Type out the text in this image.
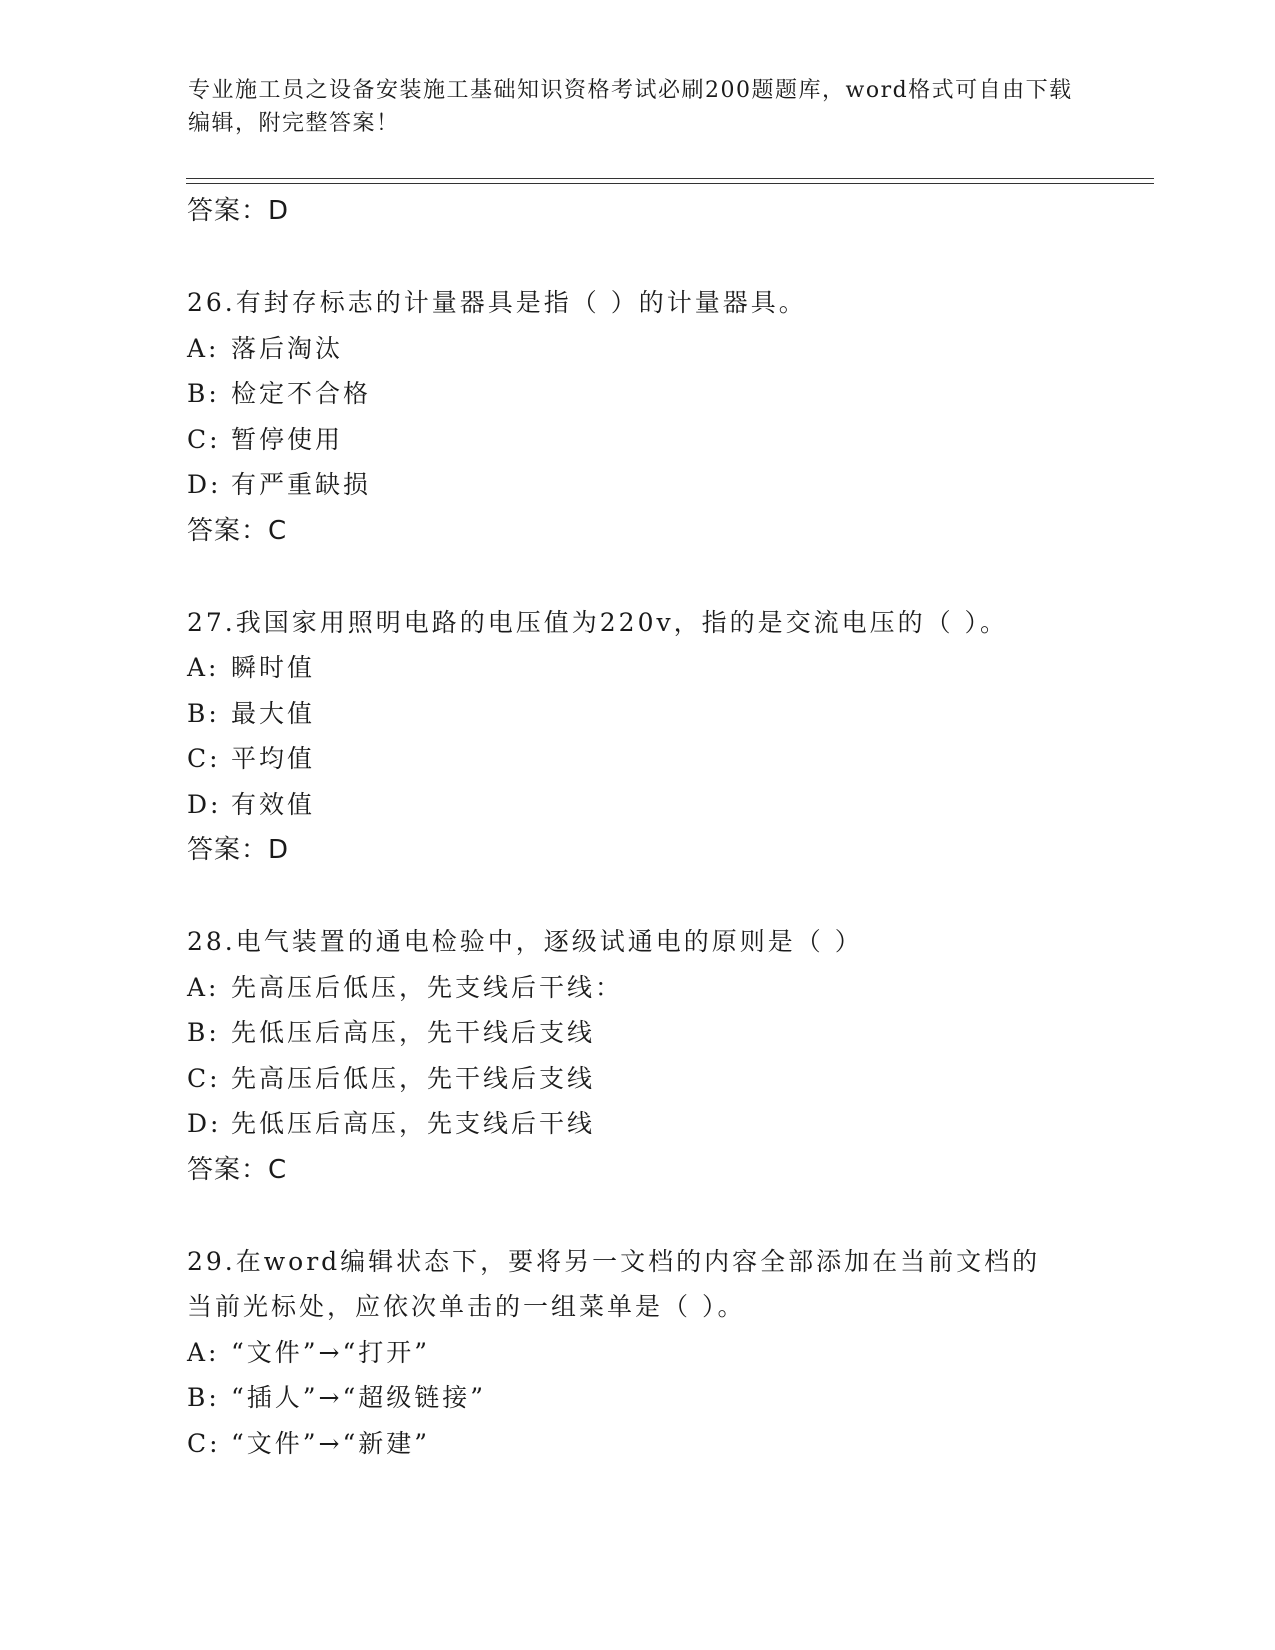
专业施工员之设备安装施工基础知识资格考试必刷200题题库，word格式可自由下载编辑，附完整答案！
答案：D
26.有封存标志的计量器具是指（ ）的计量器具。
A: 落后淘汰
B: 检定不合格
C: 暂停使用
D: 有严重缺损
答案：C
27.我国家用照明电路的电压值为220v，指的是交流电压的（ ）。
A: 瞬时值
B: 最大值
C: 平均值
D: 有效值
答案：D
28.电气装置的通电检验中，逐级试通电的原则是（ ）
A: 先高压后低压，先支线后干线：
B: 先低压后高压，先干线后支线
C: 先高压后低压，先干线后支线
D: 先低压后高压，先支线后干线
答案：C
29.在word编辑状态下，要将另一文档的内容全部添加在当前文档的当前光标处，应依次单击的一组菜单是（ ）。
A: “文件”→“打开”
B: “插人”→“超级链接”
C: “文件”→“新建”
